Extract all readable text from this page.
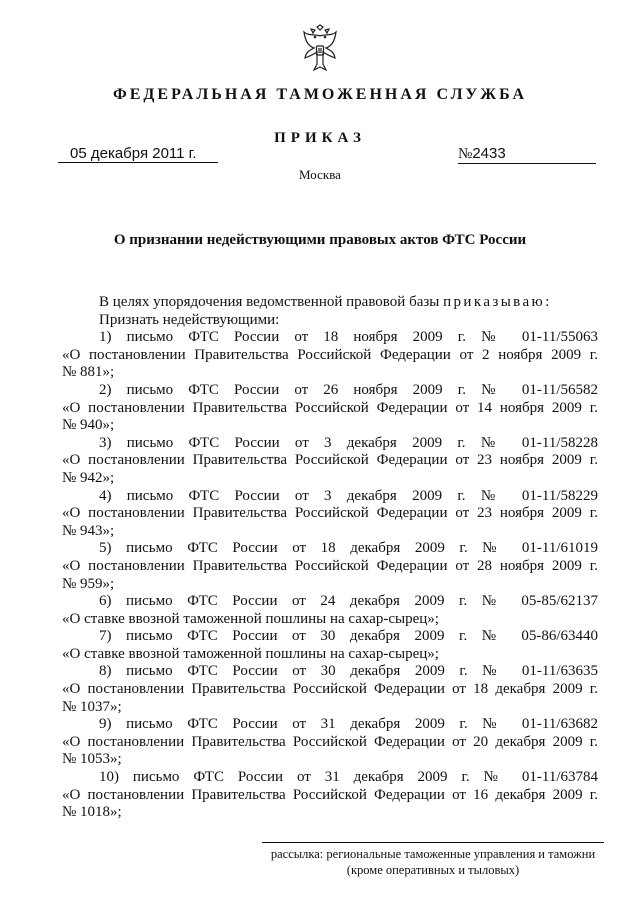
ФЕДЕРАЛЬНАЯ ТАМОЖЕННАЯ СЛУЖБА
ПРИКАЗ
05 декабря 2011 г.	№2433
Москва
О признании недействующими правовых актов ФТС России
В целях упорядочения ведомственной правовой базы приказываю:
Признать недействующими:
1) письмо ФТС России от 18 ноября 2009 г. № 01-11/55063
«О постановлении Правительства Российской Федерации от 2 ноября 2009 г.
№ 881»;
2) письмо ФТС России от 26 ноября 2009 г. № 01-11/56582
«О постановлении Правительства Российской Федерации от 14 ноября 2009 г.
№ 940»;
3) письмо ФТС России от 3 декабря 2009 г. № 01-11/58228
«О постановлении Правительства Российской Федерации от 23 ноября 2009 г.
№ 942»;
4) письмо ФТС России от 3 декабря 2009 г. № 01-11/58229
«О постановлении Правительства Российской Федерации от 23 ноября 2009 г.
№ 943»;
5) письмо ФТС России от 18 декабря 2009 г. № 01-11/61019
«О постановлении Правительства Российской Федерации от 28 ноября 2009 г.
№ 959»;
6) письмо ФТС России от 24 декабря 2009 г. № 05-85/62137
«О ставке ввозной таможенной пошлины на сахар-сырец»;
7) письмо ФТС России от 30 декабря 2009 г. № 05-86/63440
«О ставке ввозной таможенной пошлины на сахар-сырец»;
8) письмо ФТС России от 30 декабря 2009 г. № 01-11/63635
«О постановлении Правительства Российской Федерации от 18 декабря 2009 г.
№ 1037»;
9) письмо ФТС России от 31 декабря 2009 г. № 01-11/63682
«О постановлении Правительства Российской Федерации от 20 декабря 2009 г.
№ 1053»;
10) письмо ФТС России от 31 декабря 2009 г. № 01-11/63784
«О постановлении Правительства Российской Федерации от 16 декабря 2009 г.
№ 1018»;
рассылка: региональные таможенные управления и таможни
(кроме оперативных и тыловых)
